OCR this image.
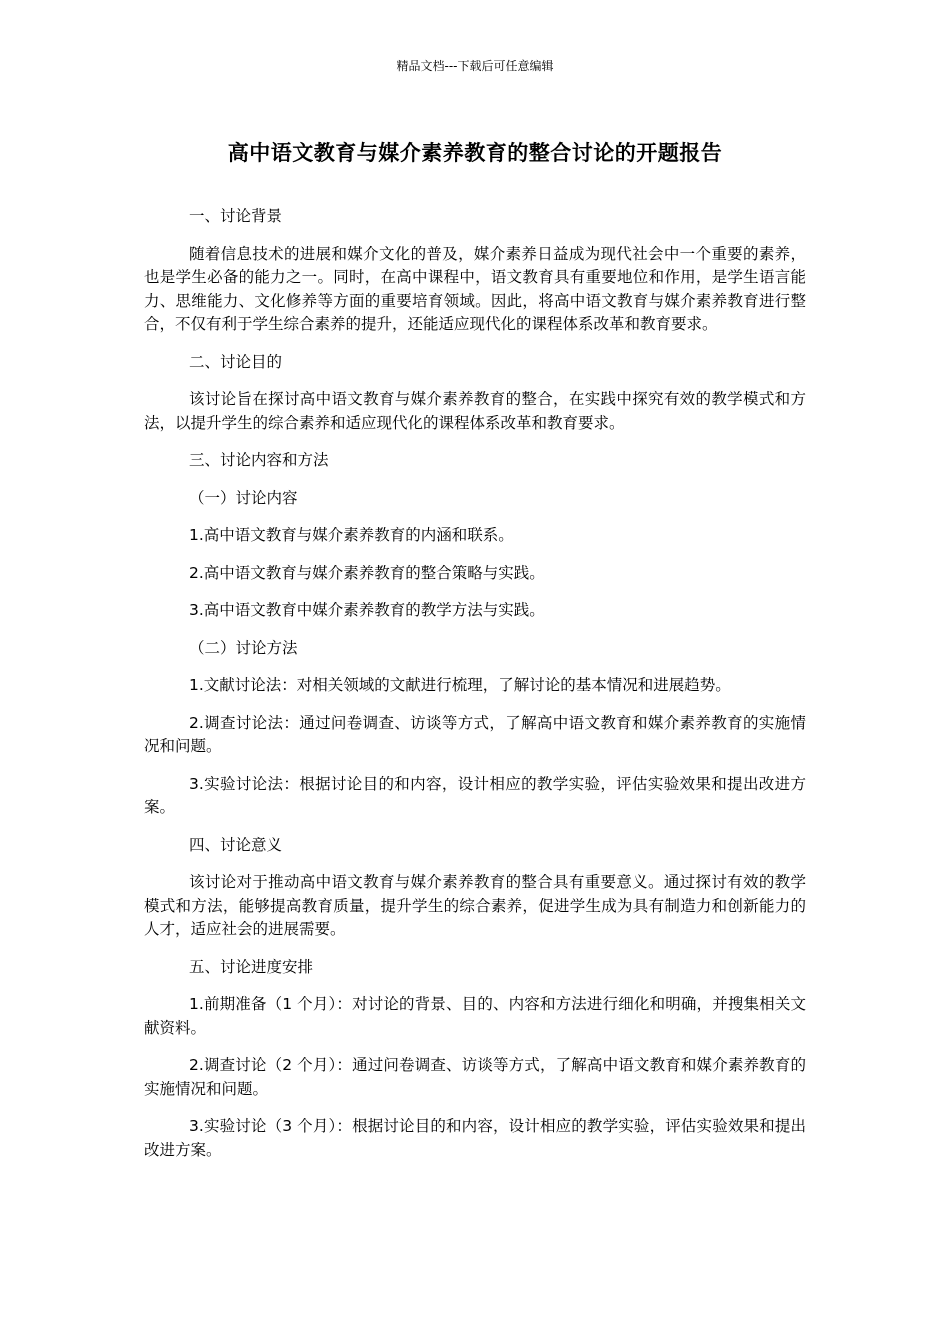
精品文档---下载后可任意编辑
高中语文教育与媒介素养教育的整合讨论的开题报告

一、讨论背景

随着信息技术的进展和媒介文化的普及，媒介素养日益成为现代社会中一个重要的素养，也是学生必备的能力之一。同时，在高中课程中，语文教育具有重要地位和作用，是学生语言能力、思维能力、文化修养等方面的重要培育领域。因此，将高中语文教育与媒介素养教育进行整合，不仅有利于学生综合素养的提升，还能适应现代化的课程体系改革和教育要求。

二、讨论目的

该讨论旨在探讨高中语文教育与媒介素养教育的整合，在实践中探究有效的教学模式和方法，以提升学生的综合素养和适应现代化的课程体系改革和教育要求。

三、讨论内容和方法

（一）讨论内容

1.高中语文教育与媒介素养教育的内涵和联系。

2.高中语文教育与媒介素养教育的整合策略与实践。

3.高中语文教育中媒介素养教育的教学方法与实践。

（二）讨论方法

1.文献讨论法：对相关领域的文献进行梳理，了解讨论的基本情况和进展趋势。

2.调查讨论法：通过问卷调查、访谈等方式，了解高中语文教育和媒介素养教育的实施情况和问题。

3.实验讨论法：根据讨论目的和内容，设计相应的教学实验，评估实验效果和提出改进方案。

四、讨论意义

该讨论对于推动高中语文教育与媒介素养教育的整合具有重要意义。通过探讨有效的教学模式和方法，能够提高教育质量，提升学生的综合素养，促进学生成为具有制造力和创新能力的人才，适应社会的进展需要。

五、讨论进度安排

1.前期准备（1 个月）：对讨论的背景、目的、内容和方法进行细化和明确，并搜集相关文献资料。

2.调查讨论（2 个月）：通过问卷调查、访谈等方式，了解高中语文教育和媒介素养教育的实施情况和问题。

3.实验讨论（3 个月）：根据讨论目的和内容，设计相应的教学实验，评估实验效果和提出改进方案。
